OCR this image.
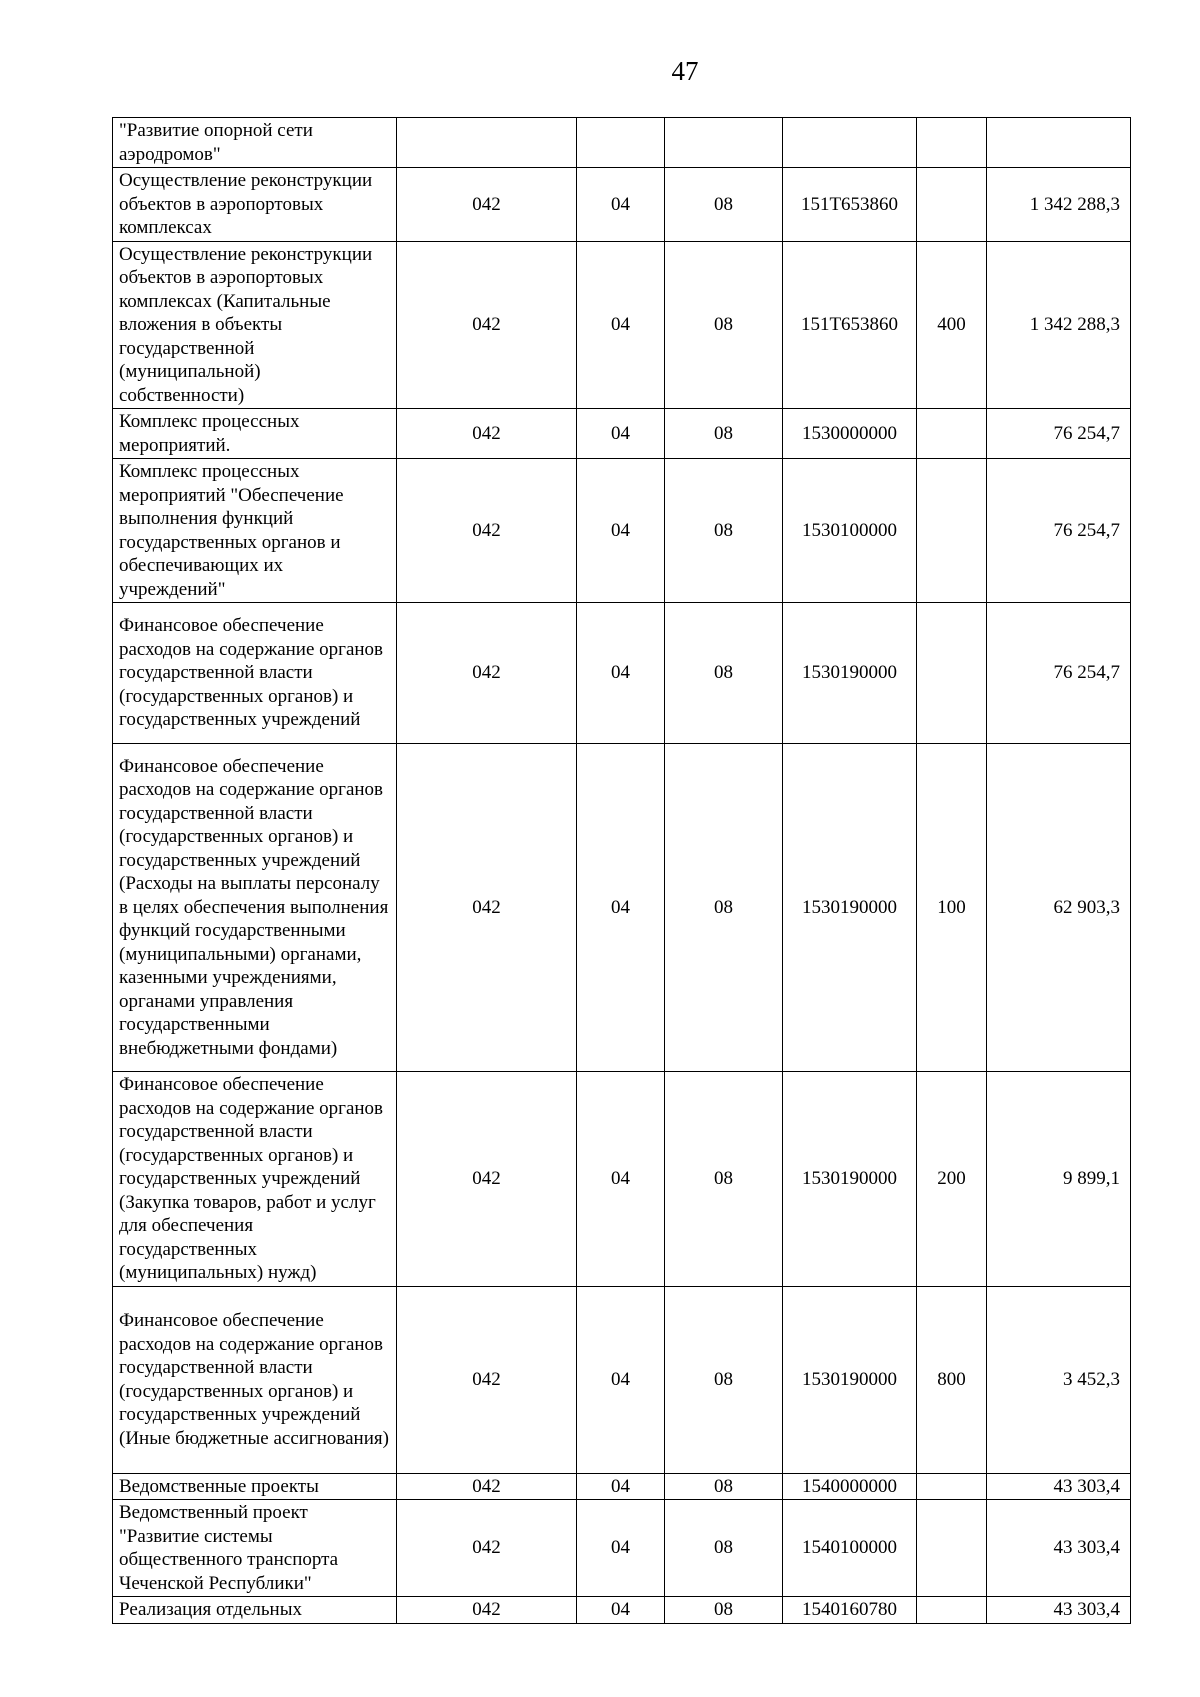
47
"Развитие опорной сети аэродромов"						
Осуществление реконструкции объектов в аэропортовых комплексах	042	04	08	151T653860		1 342 288,3
Осуществление реконструкции объектов в аэропортовых комплексах (Капитальные вложения в объекты государственной (муниципальной) собственности)	042	04	08	151T653860	400	1 342 288,3
Комплекс процессных мероприятий.	042	04	08	1530000000		76 254,7
Комплекс процессных мероприятий "Обеспечение выполнения функций государственных органов и обеспечивающих их учреждений"	042	04	08	1530100000		76 254,7
Финансовое обеспечение расходов на содержание органов государственной власти (государственных органов) и государственных учреждений	042	04	08	1530190000		76 254,7
Финансовое обеспечение расходов на содержание органов государственной власти (государственных органов) и государственных учреждений (Расходы на выплаты персоналу в целях обеспечения выполнения функций государственными (муниципальными) органами, казенными учреждениями, органами управления государственными внебюджетными фондами)	042	04	08	1530190000	100	62 903,3
Финансовое обеспечение расходов на содержание органов государственной власти (государственных органов) и государственных учреждений (Закупка товаров, работ и услуг для обеспечения государственных (муниципальных) нужд)	042	04	08	1530190000	200	9 899,1
Финансовое обеспечение расходов на содержание органов государственной власти (государственных органов) и государственных учреждений (Иные бюджетные ассигнования)	042	04	08	1530190000	800	3 452,3
Ведомственные проекты	042	04	08	1540000000		43 303,4
Ведомственный проект "Развитие системы общественного транспорта Чеченской Республики"	042	04	08	1540100000		43 303,4
Реализация отдельных	042	04	08	1540160780		43 303,4
